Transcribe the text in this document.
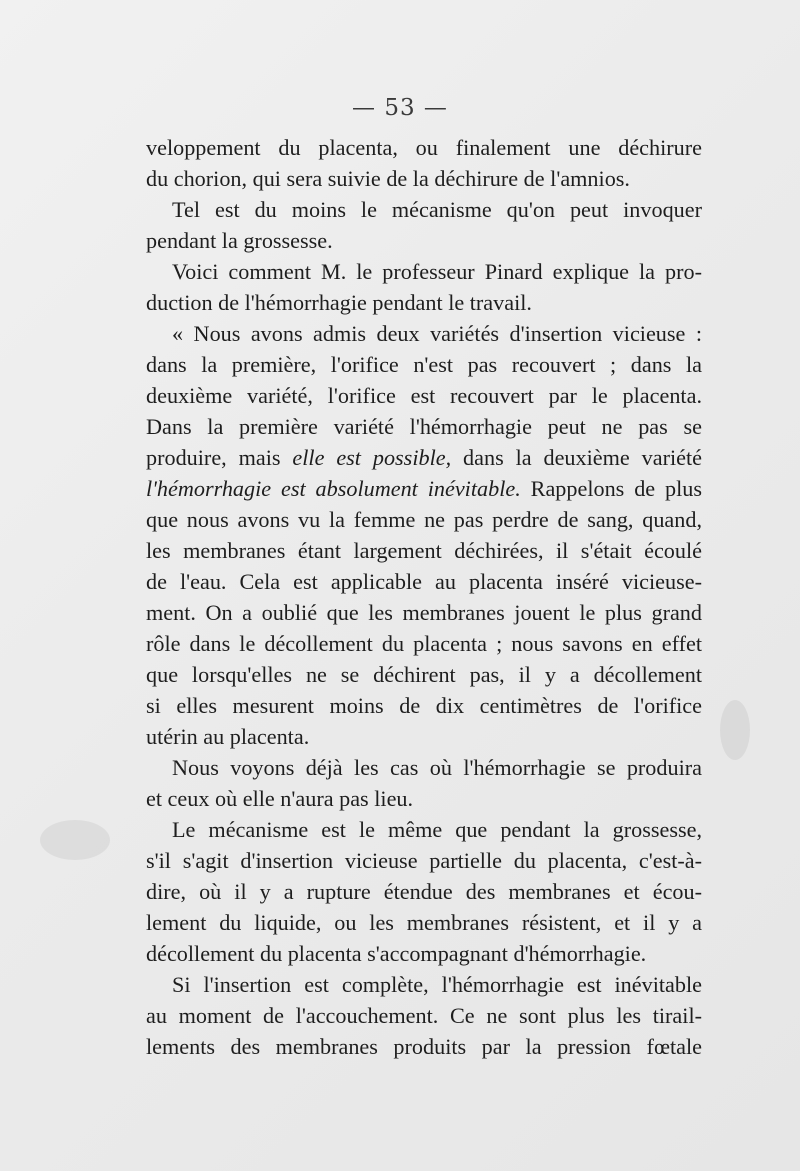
— 53 —
veloppement du placenta, ou finalement une déchirure
du chorion, qui sera suivie de la déchirure de l'amnios.
Tel est du moins le mécanisme qu'on peut invoquer
pendant la grossesse.
Voici comment M. le professeur Pinard explique la pro-
duction de l'hémorrhagie pendant le travail.
« Nous avons admis deux variétés d'insertion vicieuse :
dans la première, l'orifice n'est pas recouvert ; dans la
deuxième variété, l'orifice est recouvert par le placenta.
Dans la première variété l'hémorrhagie peut ne pas se
produire, mais elle est possible, dans la deuxième variété
l'hémorrhagie est absolument inévitable. Rappelons de plus
que nous avons vu la femme ne pas perdre de sang, quand,
les membranes étant largement déchirées, il s'était écoulé
de l'eau. Cela est applicable au placenta inséré vicieuse-
ment. On a oublié que les membranes jouent le plus grand
rôle dans le décollement du placenta ; nous savons en effet
que lorsqu'elles ne se déchirent pas, il y a décollement
si elles mesurent moins de dix centimètres de l'orifice
utérin au placenta.
Nous voyons déjà les cas où l'hémorrhagie se produira
et ceux où elle n'aura pas lieu.
Le mécanisme est le même que pendant la grossesse,
s'il s'agit d'insertion vicieuse partielle du placenta, c'est-à-
dire, où il y a rupture étendue des membranes et écou-
lement du liquide, ou les membranes résistent, et il y a
décollement du placenta s'accompagnant d'hémorrhagie.
Si l'insertion est complète, l'hémorrhagie est inévitable
au moment de l'accouchement. Ce ne sont plus les tirail-
lements des membranes produits par la pression fœtale
